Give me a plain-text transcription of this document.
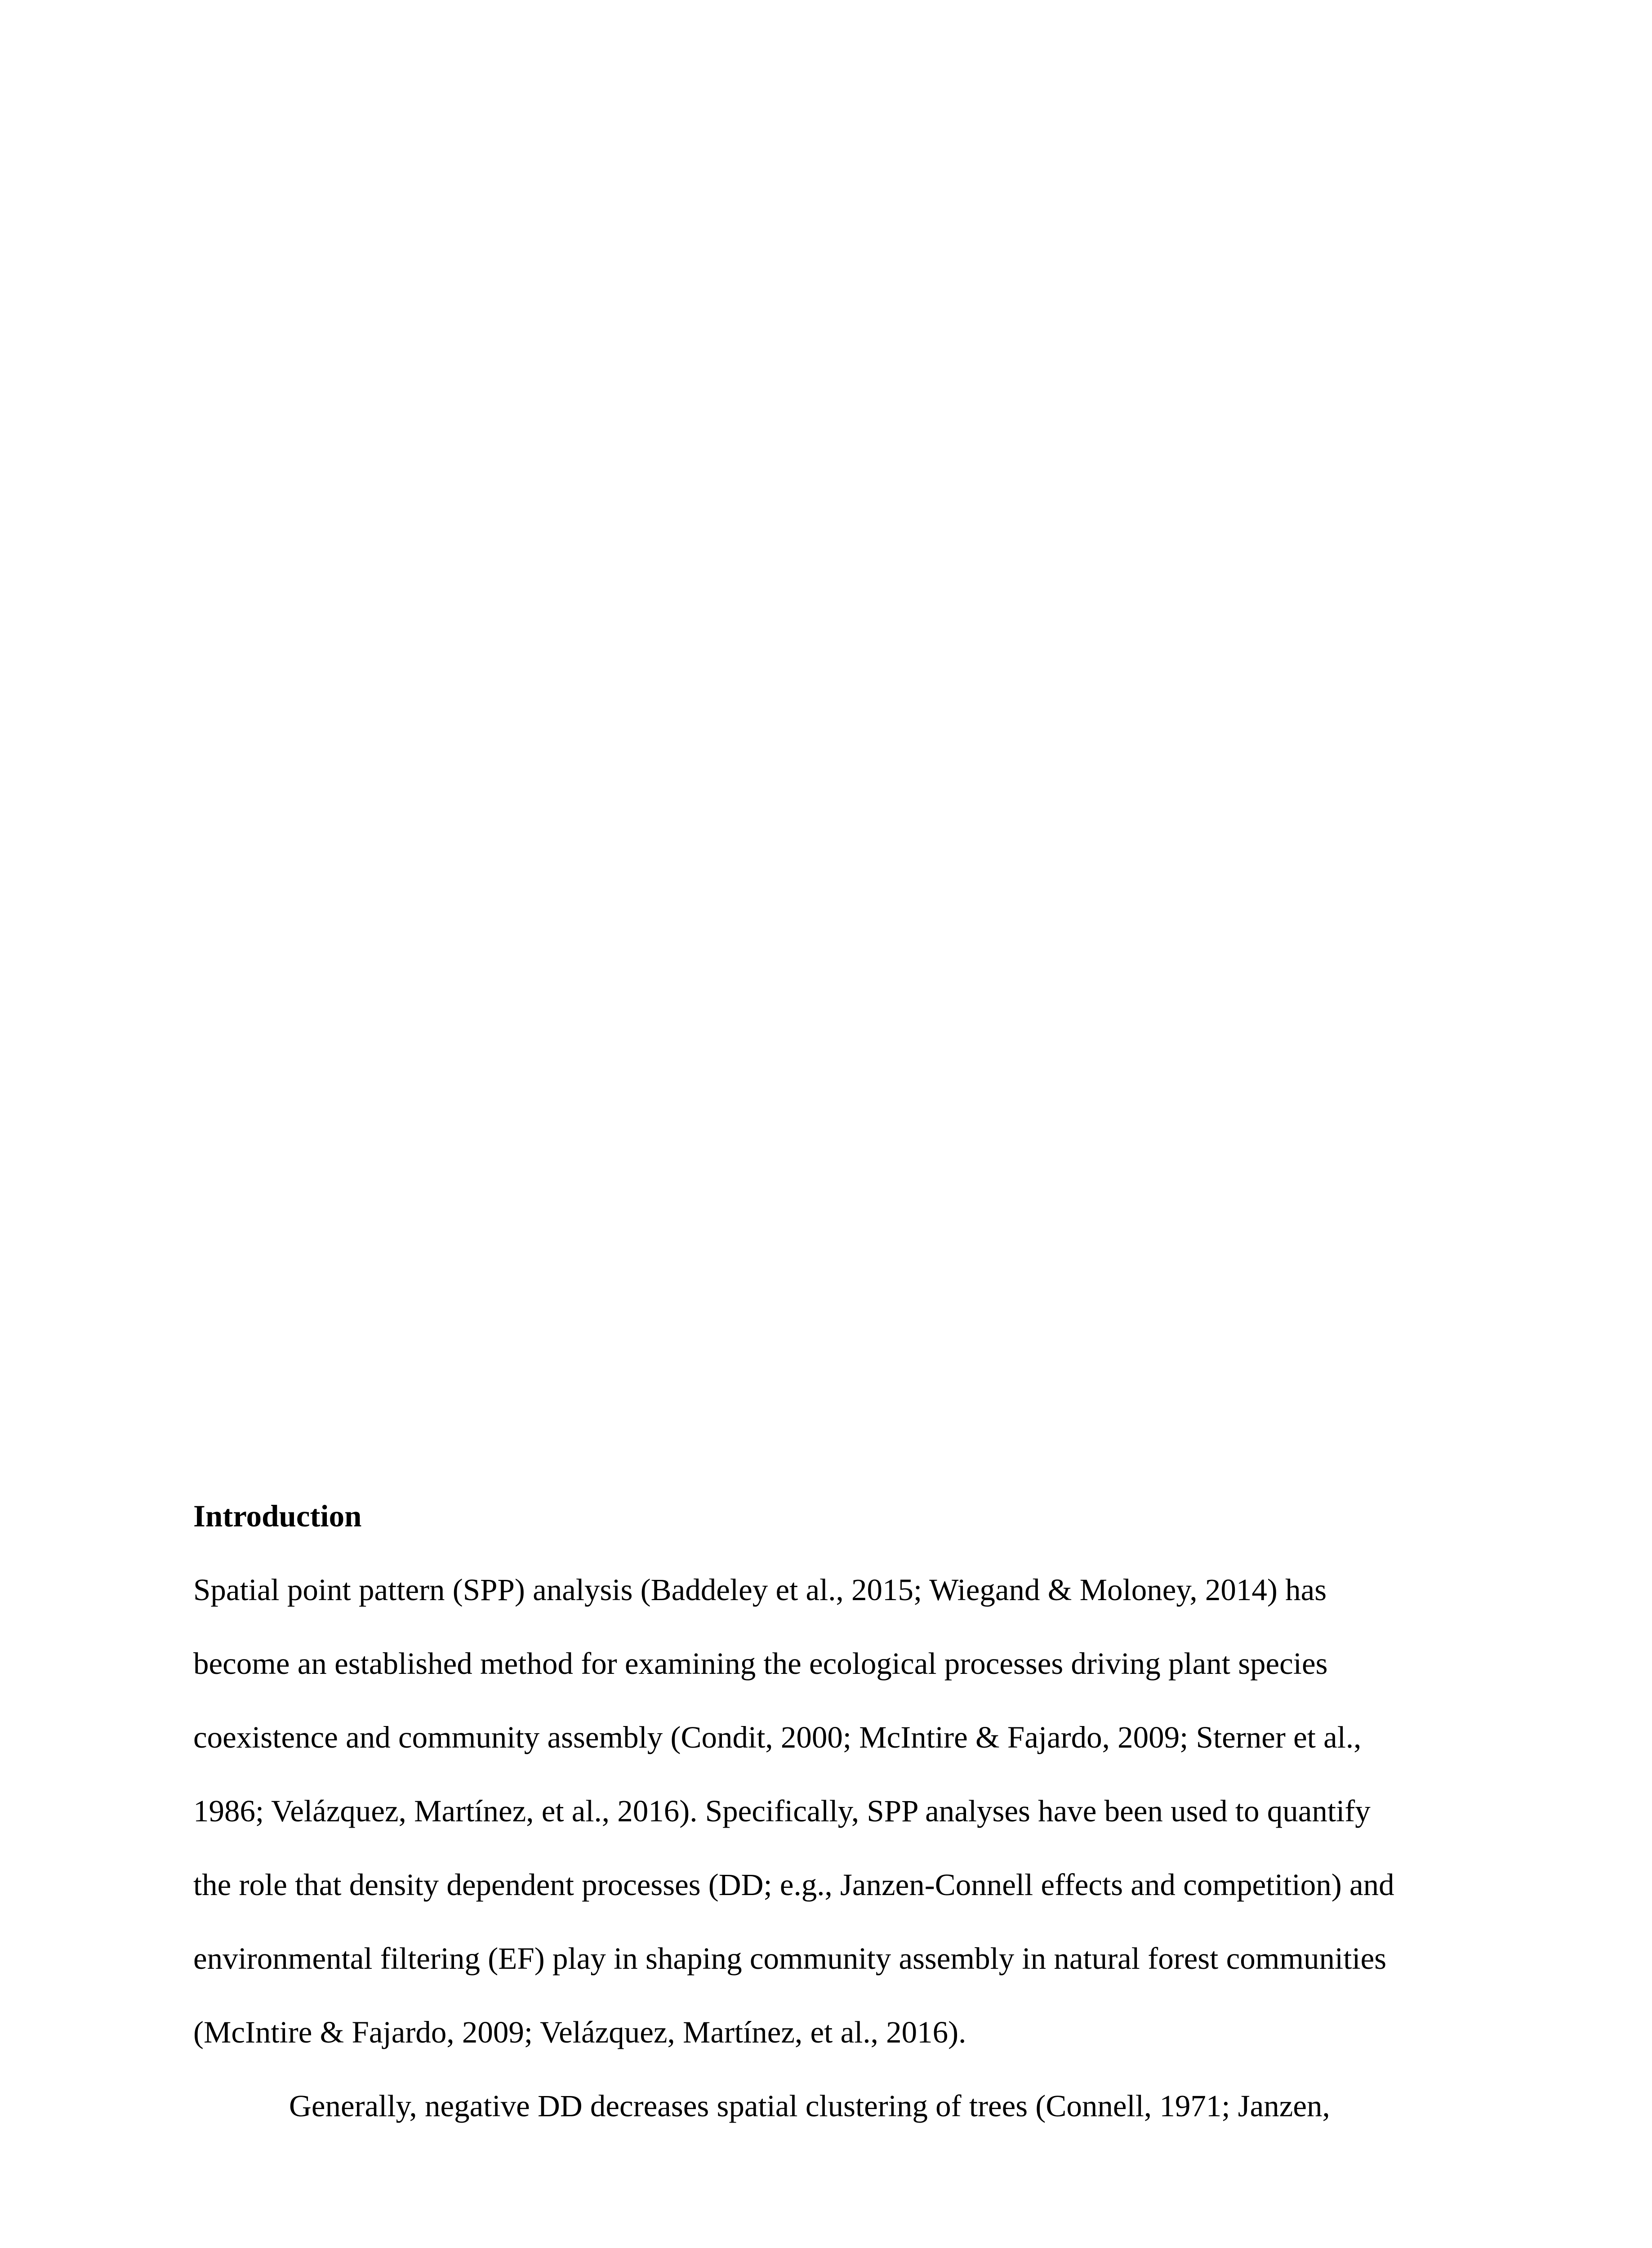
Introduction
Spatial point pattern (SPP) analysis (Baddeley et al., 2015; Wiegand & Moloney, 2014) has
become an established method for examining the ecological processes driving plant species
coexistence and community assembly (Condit, 2000; McIntire & Fajardo, 2009; Sterner et al.,
1986; Velázquez, Martínez, et al., 2016). Specifically, SPP analyses have been used to quantify
the role that density dependent processes (DD; e.g., Janzen-Connell effects and competition) and
environmental filtering (EF) play in shaping community assembly in natural forest communities
(McIntire & Fajardo, 2009; Velázquez, Martínez, et al., 2016).
Generally, negative DD decreases spatial clustering of trees (Connell, 1971; Janzen,
